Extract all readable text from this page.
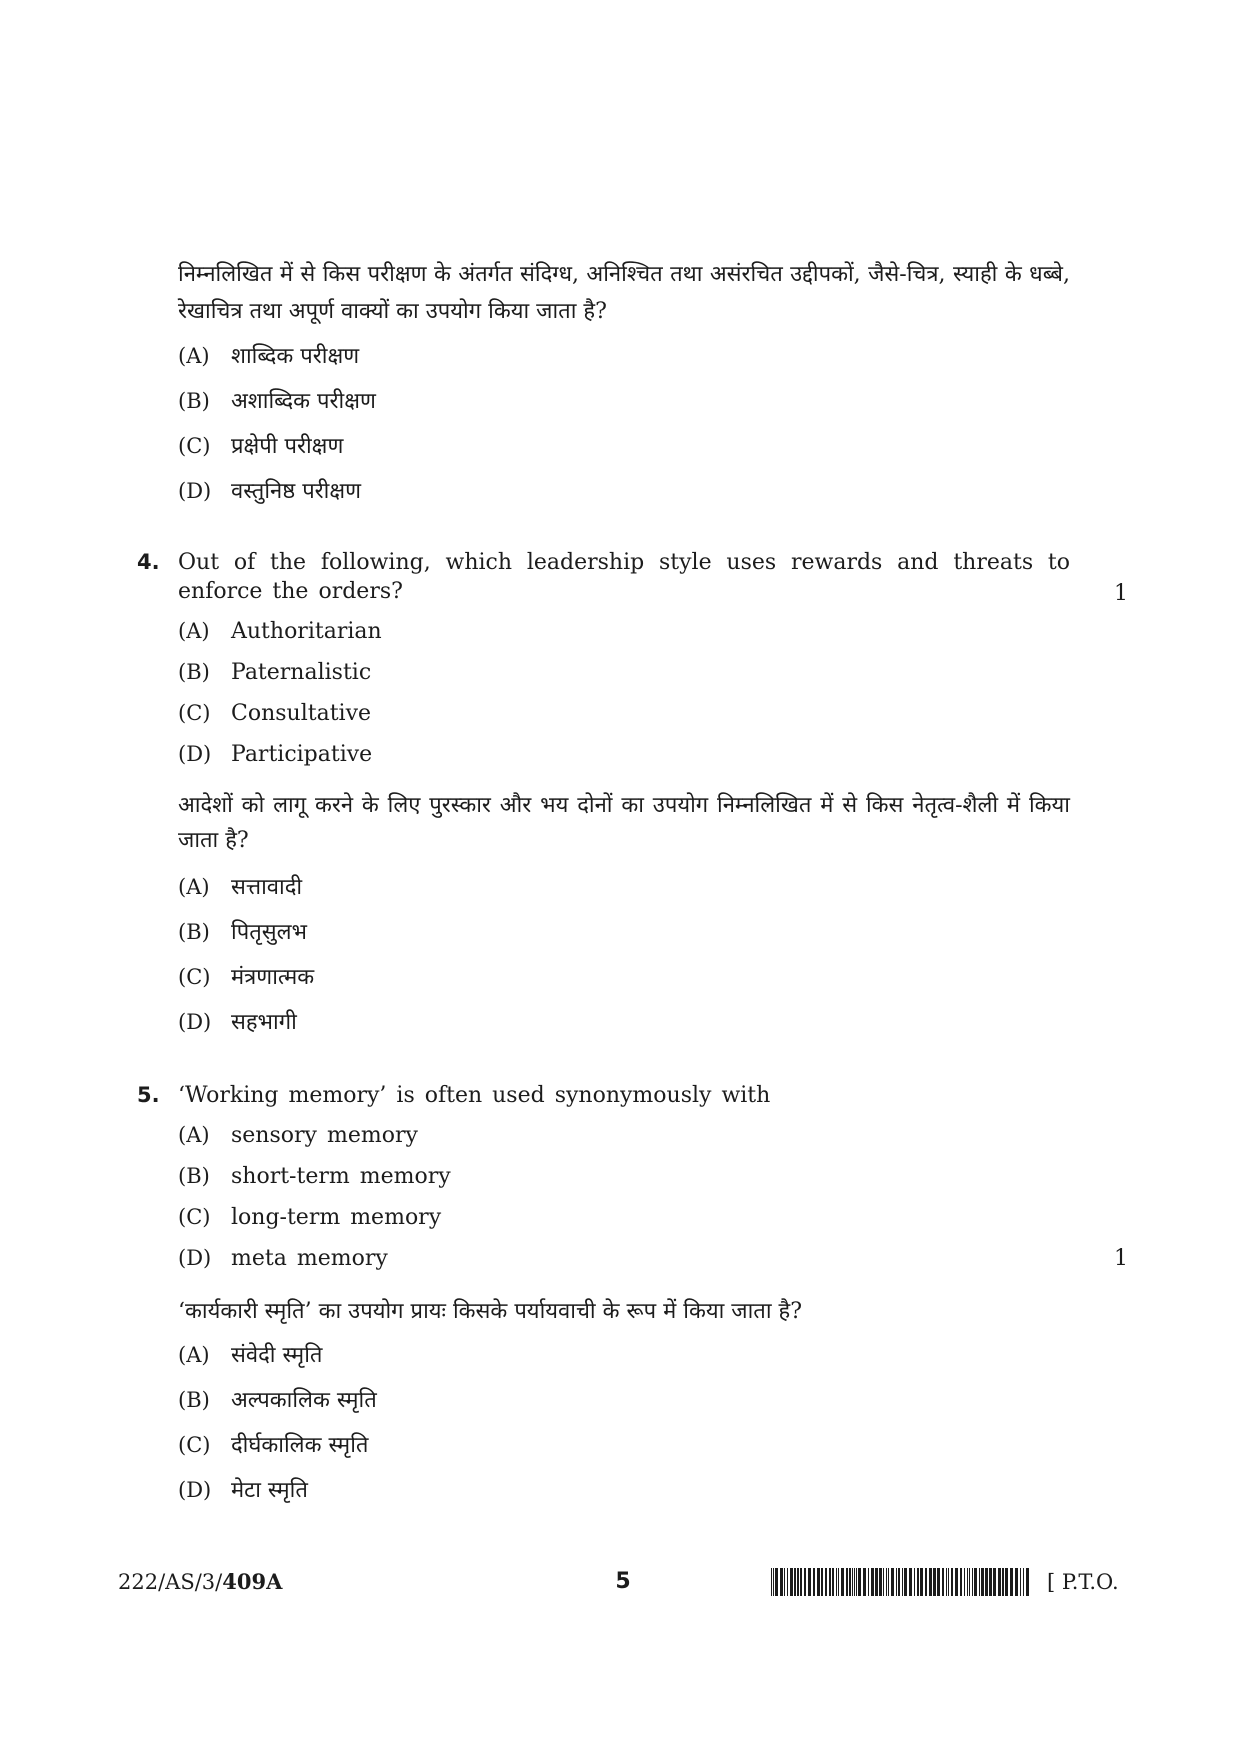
निम्नलिखित में से किस परीक्षण के अंतर्गत संदिग्ध, अनिश्चित तथा असंरचित उद्दीपकों, जैसे-चित्र, स्याही के धब्बे, रेखाचित्र तथा अपूर्ण वाक्यों का उपयोग किया जाता है?

(A) शाब्दिक परीक्षण
(B) अशाब्दिक परीक्षण
(C) प्रक्षेपी परीक्षण
(D) वस्तुनिष्ठ परीक्षण
4. Out of the following, which leadership style uses rewards and threats to enforce the orders?	1
(A) Authoritarian
(B) Paternalistic
(C) Consultative
(D) Participative

आदेशों को लागू करने के लिए पुरस्कार और भय दोनों का उपयोग निम्नलिखित में से किस नेतृत्व-शैली में किया जाता है?

(A) सत्तावादी
(B) पितृसुलभ
(C) मंत्रणात्मक
(D) सहभागी
5. ‘Working memory’ is often used synonymously with

(A) sensory memory
(B) short-term memory
(C) long-term memory
(D) meta memory	1

‘कार्यकारी स्मृति’ का उपयोग प्रायः किसके पर्यायवाची के रूप में किया जाता है?

(A) संवेदी स्मृति
(B) अल्पकालिक स्मृति
(C) दीर्घकालिक स्मृति
(D) मेटा स्मृति
222/AS/3/409A	5	[ P.T.O.
